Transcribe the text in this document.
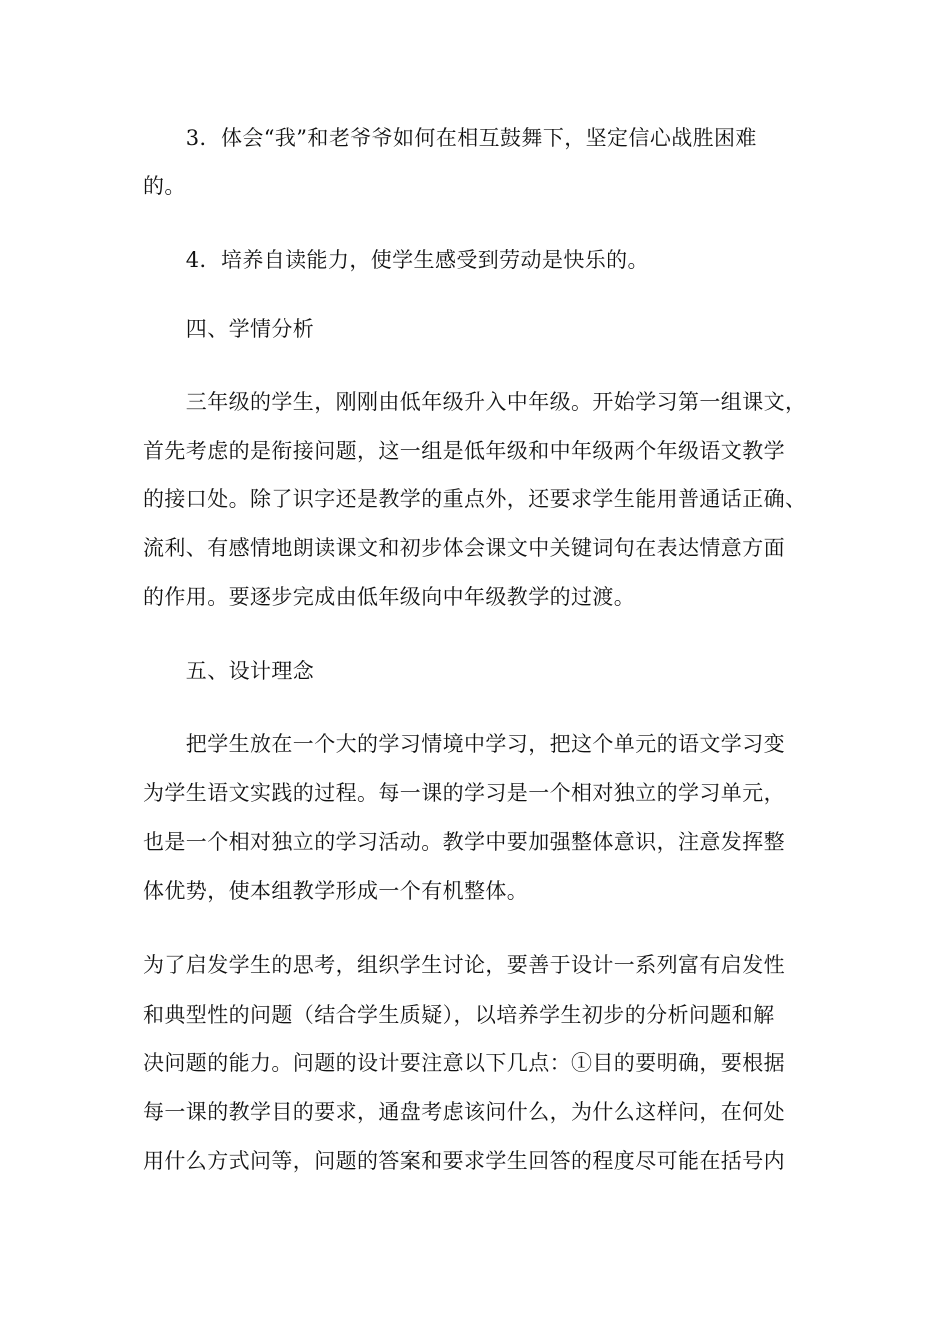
　　3．体会“我”和老爷爷如何在相互鼓舞下，坚定信心战胜困难
的。
　　4．培养自读能力，使学生感受到劳动是快乐的。
　　四、学情分析
　　三年级的学生，刚刚由低年级升入中年级。开始学习第一组课文，
首先考虑的是衔接问题，这一组是低年级和中年级两个年级语文教学
的接口处。除了识字还是教学的重点外，还要求学生能用普通话正确、
流利、有感情地朗读课文和初步体会课文中关键词句在表达情意方面
的作用。要逐步完成由低年级向中年级教学的过渡。
　　五、设计理念
　　把学生放在一个大的学习情境中学习，把这个单元的语文学习变
为学生语文实践的过程。每一课的学习是一个相对独立的学习单元，
也是一个相对独立的学习活动。教学中要加强整体意识，注意发挥整
体优势，使本组教学形成一个有机整体。
为了启发学生的思考，组织学生讨论，要善于设计一系列富有启发性
和典型性的问题（结合学生质疑），以培养学生初步的分析问题和解
决问题的能力。问题的设计要注意以下几点：①目的要明确，要根据
每一课的教学目的要求，通盘考虑该问什么，为什么这样问，在何处
用什么方式问等，问题的答案和要求学生回答的程度尽可能在括号内
